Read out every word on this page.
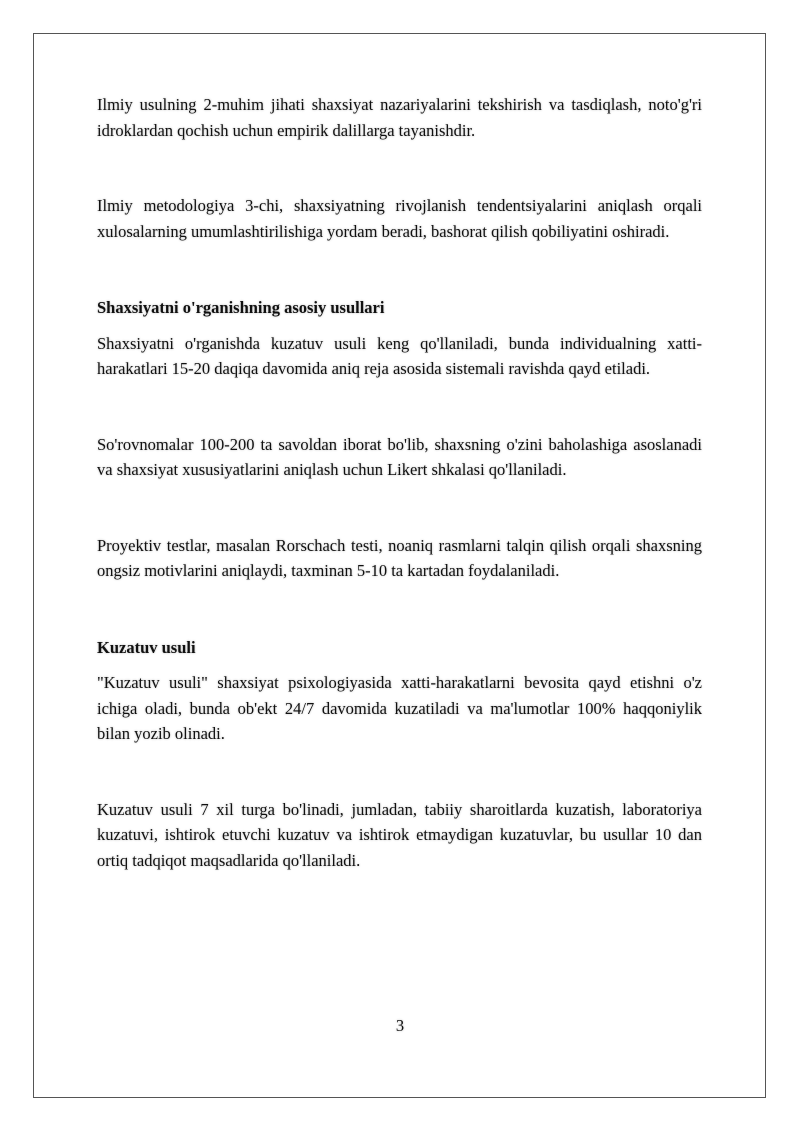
Ilmiy usulning 2-muhim jihati shaxsiyat nazariyalarini tekshirish va tasdiqlash, noto'g'ri idroklardan qochish uchun empirik dalillarga tayanishdir.

Ilmiy metodologiya 3-chi, shaxsiyatning rivojlanish tendentsiyalarini aniqlash orqali xulosalarning umumlashtirilishiga yordam beradi, bashorat qilish qobiliyatini oshiradi.

Shaxsiyatni o'rganishning asosiy usullari

Shaxsiyatni o'rganishda kuzatuv usuli keng qo'llaniladi, bunda individualning xatti-harakatlari 15-20 daqiqa davomida aniq reja asosida sistemali ravishda qayd etiladi.

So'rovnomalar 100-200 ta savoldan iborat bo'lib, shaxsning o'zini baholashiga asoslanadi va shaxsiyat xususiyatlarini aniqlash uchun Likert shkalasi qo'llaniladi.

Proyektiv testlar, masalan Rorschach testi, noaniq rasmlarni talqin qilish orqali shaxsning ongsiz motivlarini aniqlaydi, taxminan 5-10 ta kartadan foydalaniladi.

Kuzatuv usuli

"Kuzatuv usuli" shaxsiyat psixologiyasida xatti-harakatlarni bevosita qayd etishni o'z ichiga oladi, bunda ob'ekt 24/7 davomida kuzatiladi va ma'lumotlar 100% haqqoniylik bilan yozib olinadi.

Kuzatuv usuli 7 xil turga bo'linadi, jumladan, tabiiy sharoitlarda kuzatish, laboratoriya kuzatuvi, ishtirok etuvchi kuzatuv va ishtirok etmaydigan kuzatuvlar, bu usullar 10 dan ortiq tadqiqot maqsadlarida qo'llaniladi.

3
